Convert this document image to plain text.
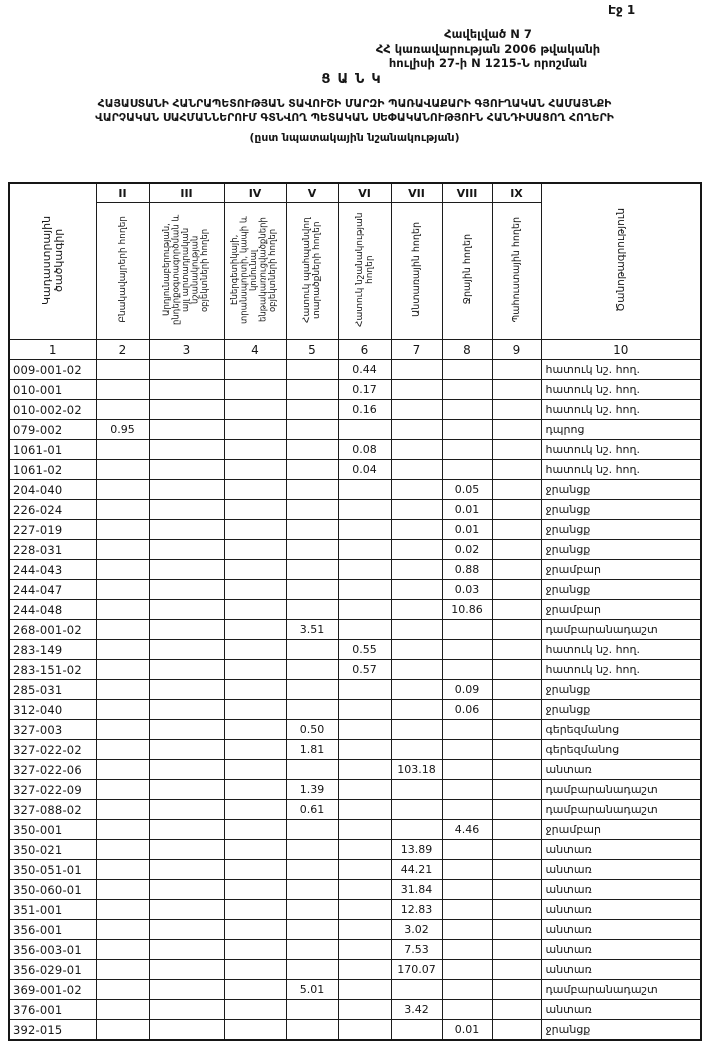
Էջ 1
Հավելված N 7
ՀՀ կառավարության 2006 թվականի
հուլիսի 27-ի N 1215-Ն որոշման
ՑԱՆԿ
ՀԱՅԱՍՏԱՆԻ ՀԱՆՐԱՊԵՏՈՒԹՅԱՆ ՏԱՎՈՒՇԻ ՄԱՐԶԻ ՊԱՌԱՎԱՔԱՐԻ ԳՅՈՒՂԱԿԱՆ ՀԱՄԱՅՆՔԻ
ՎԱՐՉԱԿԱՆ ՍԱՀՄԱՆՆԵՐՈՒՄ ԳՏՆՎՈՂ ՊԵՏԱԿԱՆ ՍԵՓԱԿԱՆՈՒԹՅՈՒՆ ՀԱՆԴԻՍԱՑՈՂ ՀՈՂԵՐԻ
(ըստ նպատակային նշանակության)
Կադաստրային ծածկագիր	II	III	IV	V	VI	VII	VIII	IX	Ծանոթագրություն
	Բնակավայրերի հողեր	Արդյունաբերության, ընդերքօգտագործման և այլ արտադրական նշանակության օբյեկտների հողեր	Էներգետիկայի, տրանսպորտի, կապի և կոմունալ ենթակառուցվածքների օբյեկտների հողեր	Հատուկ պահպանվող տարածքների հողեր	Հատուկ նշանակության հողեր	Անտառային հողեր	Ջրային հողեր	Պահուստային հողեր	
1	2	3	4	5	6	7	8	9	10
009-001-02					0.44				հատուկ նշ. հող.
010-001					0.17				հատուկ նշ. հող.
010-002-02					0.16				հատուկ նշ. հող.
079-002	0.95								դպրոց
1061-01					0.08				հատուկ նշ. հող.
1061-02					0.04				հատուկ նշ. հող.
204-040							0.05		ջրանցք
226-024							0.01		ջրանցք
227-019							0.01		ջրանցք
228-031							0.02		ջրանցք
244-043							0.88		ջրամբար
244-047							0.03		ջրանցք
244-048							10.86		ջրամբար
268-001-02				3.51					դամբարանադաշտ
283-149					0.55				հատուկ նշ. հող.
283-151-02					0.57				հատուկ նշ. հող.
285-031							0.09		ջրանցք
312-040							0.06		ջրանցք
327-003				0.50					գերեզմանոց
327-022-02				1.81					գերեզմանոց
327-022-06						103.18			անտառ
327-022-09				1.39					դամբարանադաշտ
327-088-02				0.61					դամբարանադաշտ
350-001							4.46		ջրամբար
350-021						13.89			անտառ
350-051-01						44.21			անտառ
350-060-01						31.84			անտառ
351-001						12.83			անտառ
356-001						3.02			անտառ
356-003-01						7.53			անտառ
356-029-01						170.07			անտառ
369-001-02				5.01					դամբարանադաշտ
376-001						3.42			անտառ
392-015							0.01		ջրանցք
